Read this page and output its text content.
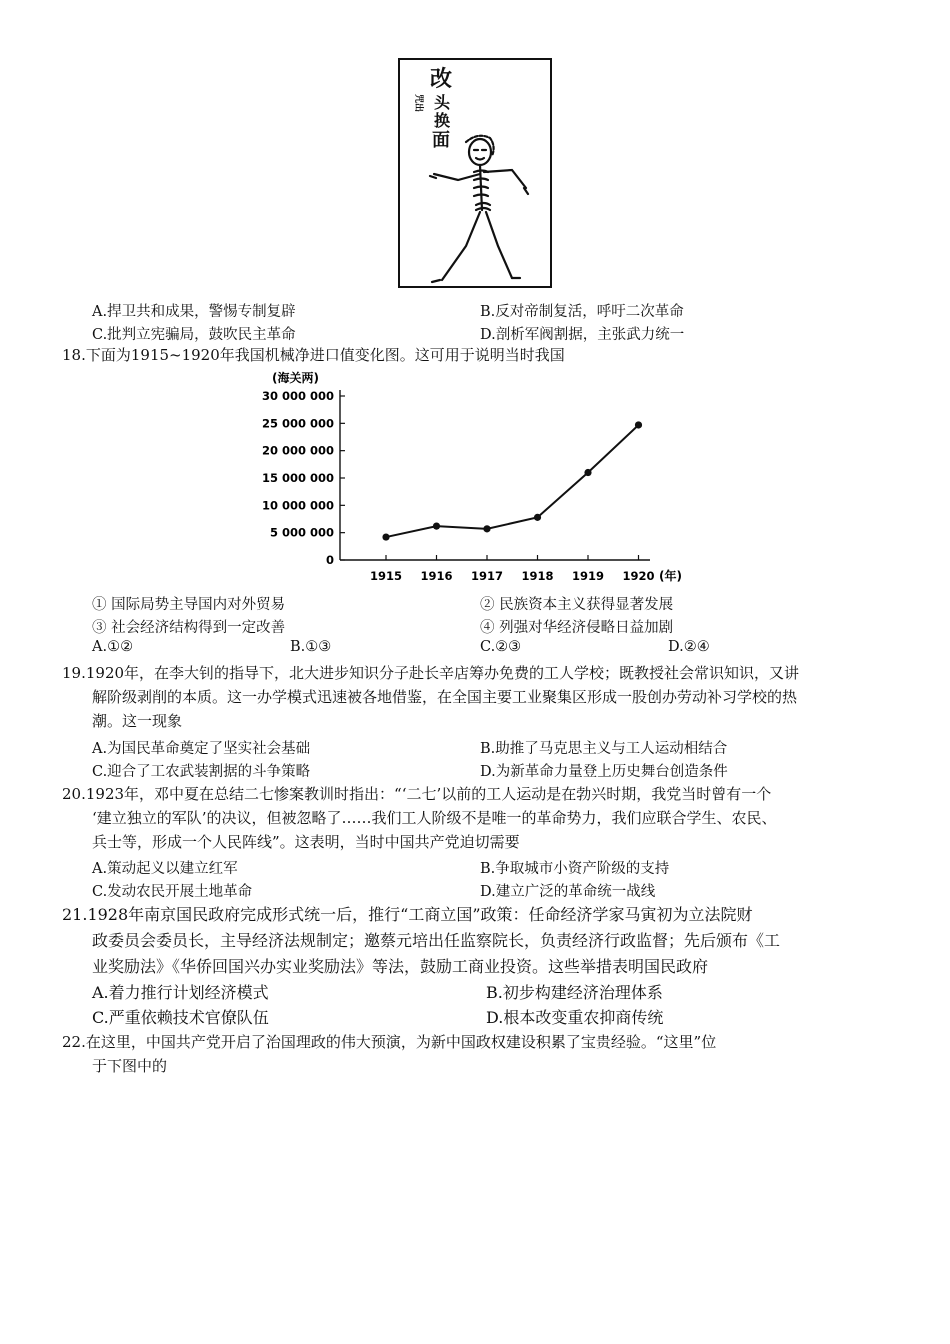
改
头
换
面
咒出
A.捍卫共和成果，警惕专制复辟	B.反对帝制复活，呼吁二次革命
C.批判立宪骗局，鼓吹民主革命	D.剖析军阀割据，主张武力统一
18.下面为1915~1920年我国机械净进口值变化图。这可用于说明当时我国
(海关两)
0
5 000 000
10 000 000
15 000 000
20 000 000
25 000 000
30 000 000
1915 1916 1917 1918 1919 1920 (年)
① 国际局势主导国内对外贸易	② 民族资本主义获得显著发展
③ 社会经济结构得到一定改善	④ 列强对华经济侵略日益加剧
A.①②	B.①③	C.②③	D.②④
19.1920年，在李大钊的指导下，北大进步知识分子赴长辛店筹办免费的工人学校；既教授社会常识知识，又讲
解阶级剥削的本质。这一办学模式迅速被各地借鉴，在全国主要工业聚集区形成一股创办劳动补习学校的热
潮。这一现象
A.为国民革命奠定了坚实社会基础	B.助推了马克思主义与工人运动相结合
C.迎合了工农武装割据的斗争策略	D.为新革命力量登上历史舞台创造条件
20.1923年，邓中夏在总结二七惨案教训时指出：“‘二七’以前的工人运动是在勃兴时期，我党当时曾有一个
‘建立独立的军队’的决议，但被忽略了……我们工人阶级不是唯一的革命势力，我们应联合学生、农民、
兵士等，形成一个人民阵线”。这表明，当时中国共产党迫切需要
A.策动起义以建立红军	B.争取城市小资产阶级的支持
C.发动农民开展土地革命	D.建立广泛的革命统一战线
21.1928年南京国民政府完成形式统一后，推行“工商立国”政策：任命经济学家马寅初为立法院财
政委员会委员长，主导经济法规制定；邀蔡元培出任监察院长，负责经济行政监督；先后颁布《工
业奖励法》《华侨回国兴办实业奖励法》等法，鼓励工商业投资。这些举措表明国民政府
A.着力推行计划经济模式	B.初步构建经济治理体系
C.严重依赖技术官僚队伍	D.根本改变重农抑商传统
22.在这里，中国共产党开启了治国理政的伟大预演，为新中国政权建设积累了宝贵经验。“这里”位
于下图中的
